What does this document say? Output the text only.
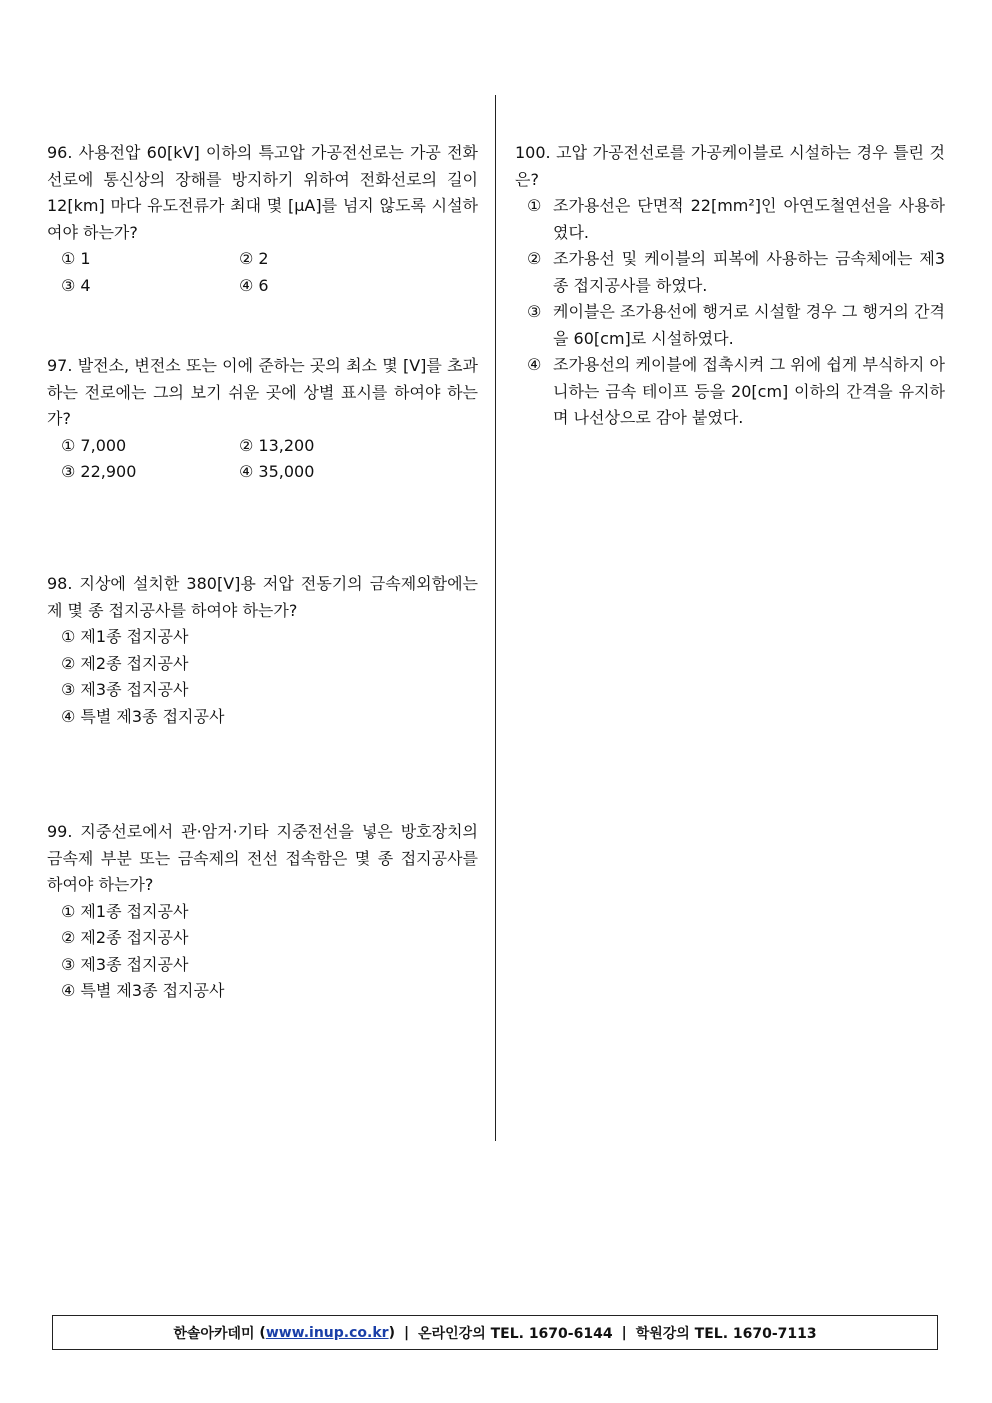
96. 사용전압 60[kV] 이하의 특고압 가공전선로는 가공 전화선로에 통신상의 장해를 방지하기 위하여 전화선로의 길이 12[km] 마다 유도전류가 최대 몇 [μA]를 넘지 않도록 시설하여야 하는가?

① 1	② 2
③ 4	④ 6

97. 발전소, 변전소 또는 이에 준하는 곳의 최소 몇 [V]를 초과하는 전로에는 그의 보기 쉬운 곳에 상별 표시를 하여야 하는가?

① 7,000	② 13,200
③ 22,900	④ 35,000

98. 지상에 설치한 380[V]용 저압 전동기의 금속제외함에는 제 몇 종 접지공사를 하여야 하는가?

① 제1종 접지공사
② 제2종 접지공사
③ 제3종 접지공사
④ 특별 제3종 접지공사

99. 지중선로에서 관·암거·기타 지중전선을 넣은 방호장치의 금속제 부분 또는 금속제의 전선 접속함은 몇 종 접지공사를 하여야 하는가?

① 제1종 접지공사
② 제2종 접지공사
③ 제3종 접지공사
④ 특별 제3종 접지공사

100. 고압 가공전선로를 가공케이블로 시설하는 경우 틀린 것은?

① 조가용선은 단면적 22[mm²]인 아연도철연선을 사용하였다.
② 조가용선 및 케이블의 피복에 사용하는 금속체에는 제3종 접지공사를 하였다.
③ 케이블은 조가용선에 행거로 시설할 경우 그 행거의 간격을 60[cm]로 시설하였다.
④ 조가용선의 케이블에 접촉시켜 그 위에 쉽게 부식하지 아니하는 금속 테이프 등을 20[cm] 이하의 간격을 유지하며 나선상으로 감아 붙였다.
한솔아카데미 (www.inup.co.kr) | 온라인강의 TEL. 1670-6144 | 학원강의 TEL. 1670-7113
